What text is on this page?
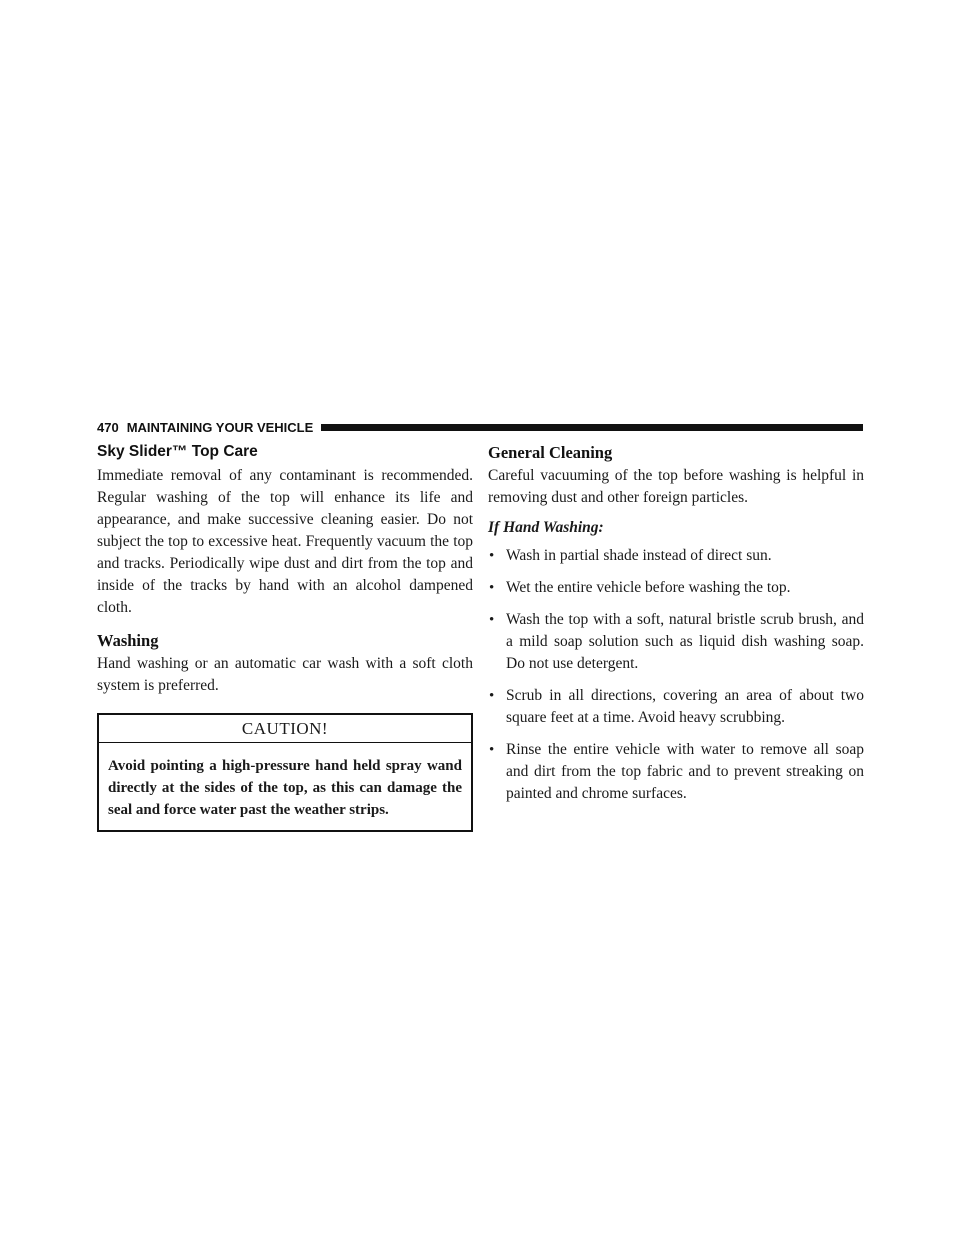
470 MAINTAINING YOUR VEHICLE
Sky Slider™ Top Care

Immediate removal of any contaminant is recommended. Regular washing of the top will enhance its life and appearance, and make successive cleaning easier. Do not subject the top to excessive heat. Frequently vacuum the top and tracks. Periodically wipe dust and dirt from the top and inside of the tracks by hand with an alcohol dampened cloth.

Washing

Hand washing or an automatic car wash with a soft cloth system is preferred.

CAUTION!
Avoid pointing a high-pressure hand held spray wand directly at the sides of the top, as this can damage the seal and force water past the weather strips.
General Cleaning

Careful vacuuming of the top before washing is helpful in removing dust and other foreign particles.

If Hand Washing:
• Wash in partial shade instead of direct sun.
• Wet the entire vehicle before washing the top.
• Wash the top with a soft, natural bristle scrub brush, and a mild soap solution such as liquid dish washing soap. Do not use detergent.
• Scrub in all directions, covering an area of about two square feet at a time. Avoid heavy scrubbing.
• Rinse the entire vehicle with water to remove all soap and dirt from the top fabric and to prevent streaking on painted and chrome surfaces.
